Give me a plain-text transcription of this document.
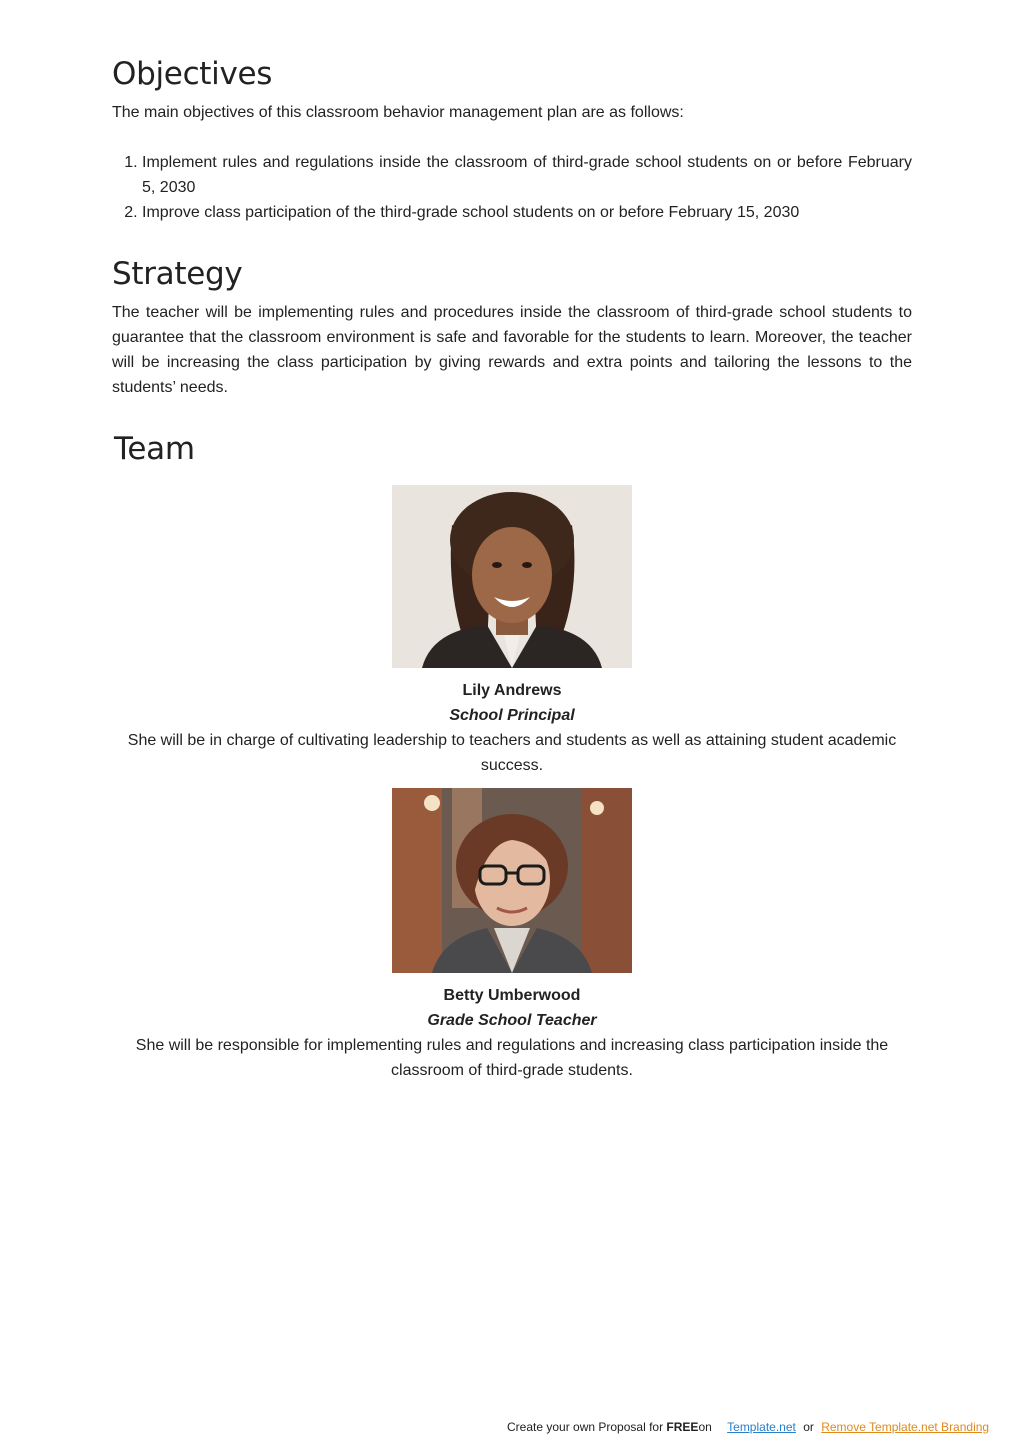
Objectives

The main objectives of this classroom behavior management plan are as follows:

1. Implement rules and regulations inside the classroom of third-grade school students on or before February 5, 2030
2. Improve class participation of the third-grade school students on or before February 15, 2030
Strategy

The teacher will be implementing rules and procedures inside the classroom of third-grade school students to guarantee that the classroom environment is safe and favorable for the students to learn. Moreover, the teacher will be increasing the class participation by giving rewards and extra points and tailoring the lessons to the students’ needs.

Team
Lily Andrews
School Principal
She will be in charge of cultivating leadership to teachers and students as well as attaining student academic success.
Betty Umberwood
Grade School Teacher
She will be responsible for implementing rules and regulations and increasing class participation inside the classroom of third-grade students.
Create your own Proposal for FREEon Template.net or Remove Template.net Branding
